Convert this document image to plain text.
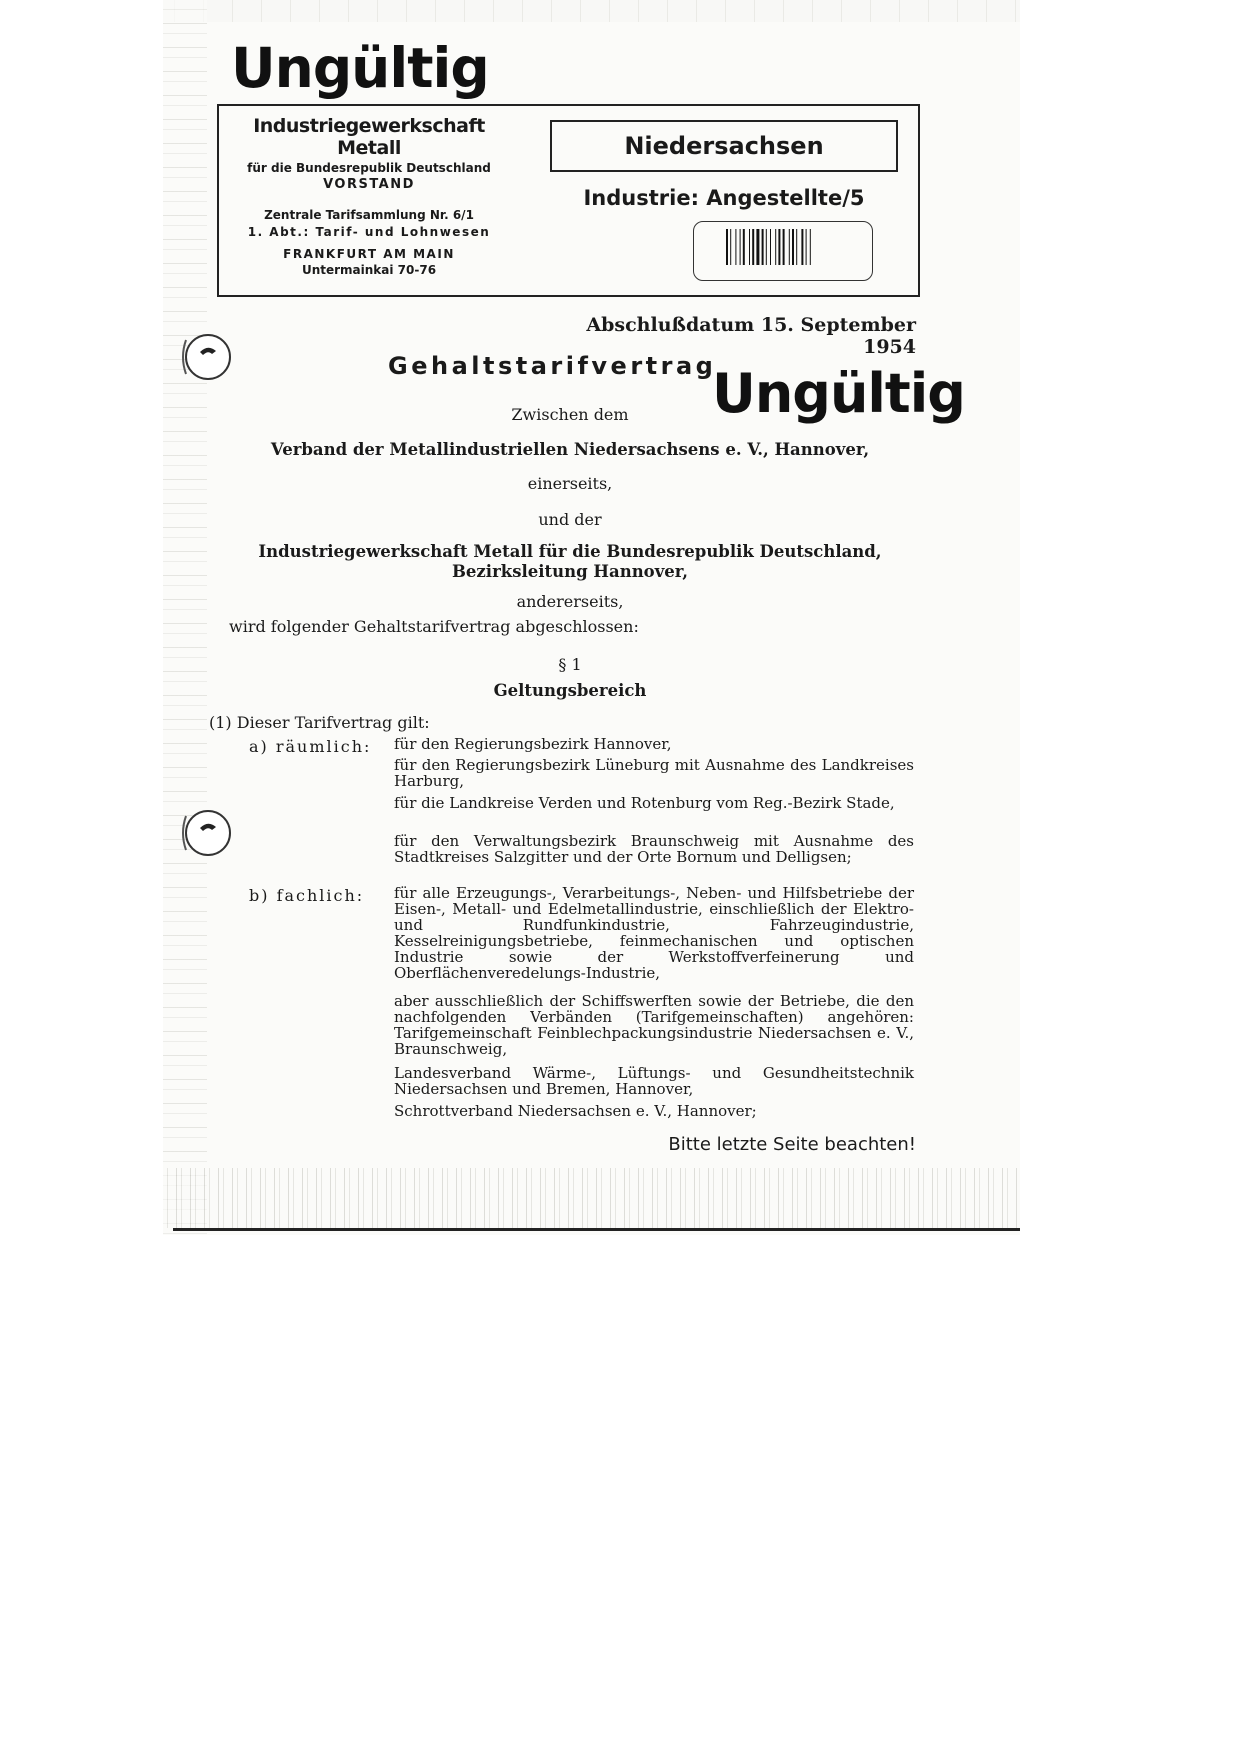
Ungültig
Industriegewerkschaft Metall
für die Bundesrepublik Deutschland
VORSTAND
Zentrale Tarifsammlung Nr. 6/1
1. Abt.: Tarif- und Lohnwesen
FRANKFURT AM MAIN
Untermainkai 70-76
Niedersachsen
Industrie: Angestellte/5
Abschlußdatum 15. September 1954
Gehaltstarifvertrag
Ungültig
Zwischen dem
Verband der Metallindustriellen Niedersachsens e. V., Hannover,
einerseits,
und der
Industriegewerkschaft Metall für die Bundesrepublik Deutschland,
Bezirksleitung Hannover,
andererseits,
wird folgender Gehaltstarifvertrag abgeschlossen:
§ 1
Geltungsbereich
(1) Dieser Tarifvertrag gilt:
a) räumlich:
b) fachlich:
für den Regierungsbezirk Hannover,
für den Regierungsbezirk Lüneburg mit Ausnahme des Landkreises Harburg,
für die Landkreise Verden und Rotenburg vom Reg.-Bezirk Stade,
für den Verwaltungsbezirk Braunschweig mit Ausnahme des Stadtkreises Salzgitter und der Orte Bornum und Delligsen;
für alle Erzeugungs-, Verarbeitungs-, Neben- und Hilfsbetriebe der Eisen-, Metall- und Edelmetallindustrie, einschließlich der Elektro- und Rundfunkindustrie, Fahrzeugindustrie, Kesselreinigungsbetriebe, feinmechanischen und optischen Industrie sowie der Werkstoffverfeinerung und Oberflächenveredelungs-Industrie,
aber ausschließlich der Schiffswerften sowie der Betriebe, die den nachfolgenden Verbänden (Tarifgemeinschaften) angehören: Tarifgemeinschaft Feinblechpackungsindustrie Niedersachsen e. V., Braunschweig,
Landesverband Wärme-, Lüftungs- und Gesundheitstechnik Niedersachsen und Bremen, Hannover,
Schrottverband Niedersachsen e. V., Hannover;
Bitte letzte Seite beachten!
